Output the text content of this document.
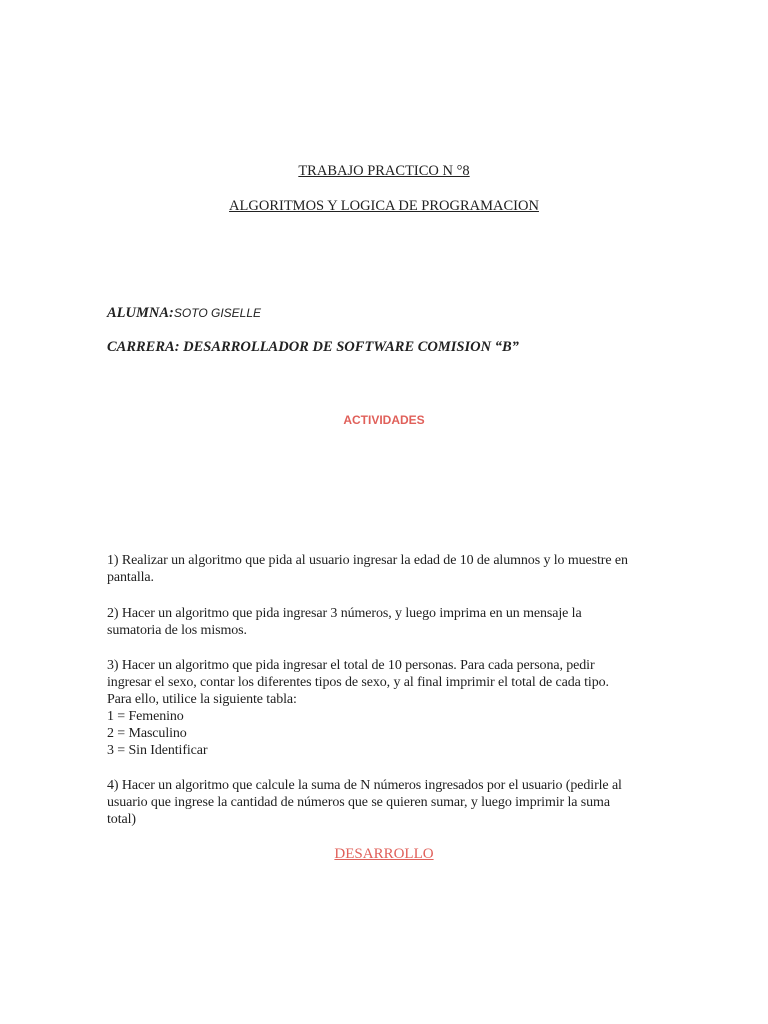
TRABAJO PRACTICO N °8
ALGORITMOS Y LOGICA DE PROGRAMACION
ALUMNA:SOTO GISELLE
CARRERA: DESARROLLADOR DE SOFTWARE COMISION “B”
ACTIVIDADES
1) Realizar un algoritmo que pida al usuario ingresar la edad de 10 de alumnos y lo muestre en
pantalla.
2) Hacer un algoritmo que pida ingresar 3 números, y luego imprima en un mensaje la
sumatoria de los mismos.
3) Hacer un algoritmo que pida ingresar el total de 10 personas. Para cada persona, pedir
ingresar el sexo, contar los diferentes tipos de sexo, y al final imprimir el total de cada tipo.
Para ello, utilice la siguiente tabla:
1 = Femenino
2 = Masculino
3 = Sin Identificar
4) Hacer un algoritmo que calcule la suma de N números ingresados por el usuario (pedirle al
usuario que ingrese la cantidad de números que se quieren sumar, y luego imprimir la suma
total)
DESARROLLO
